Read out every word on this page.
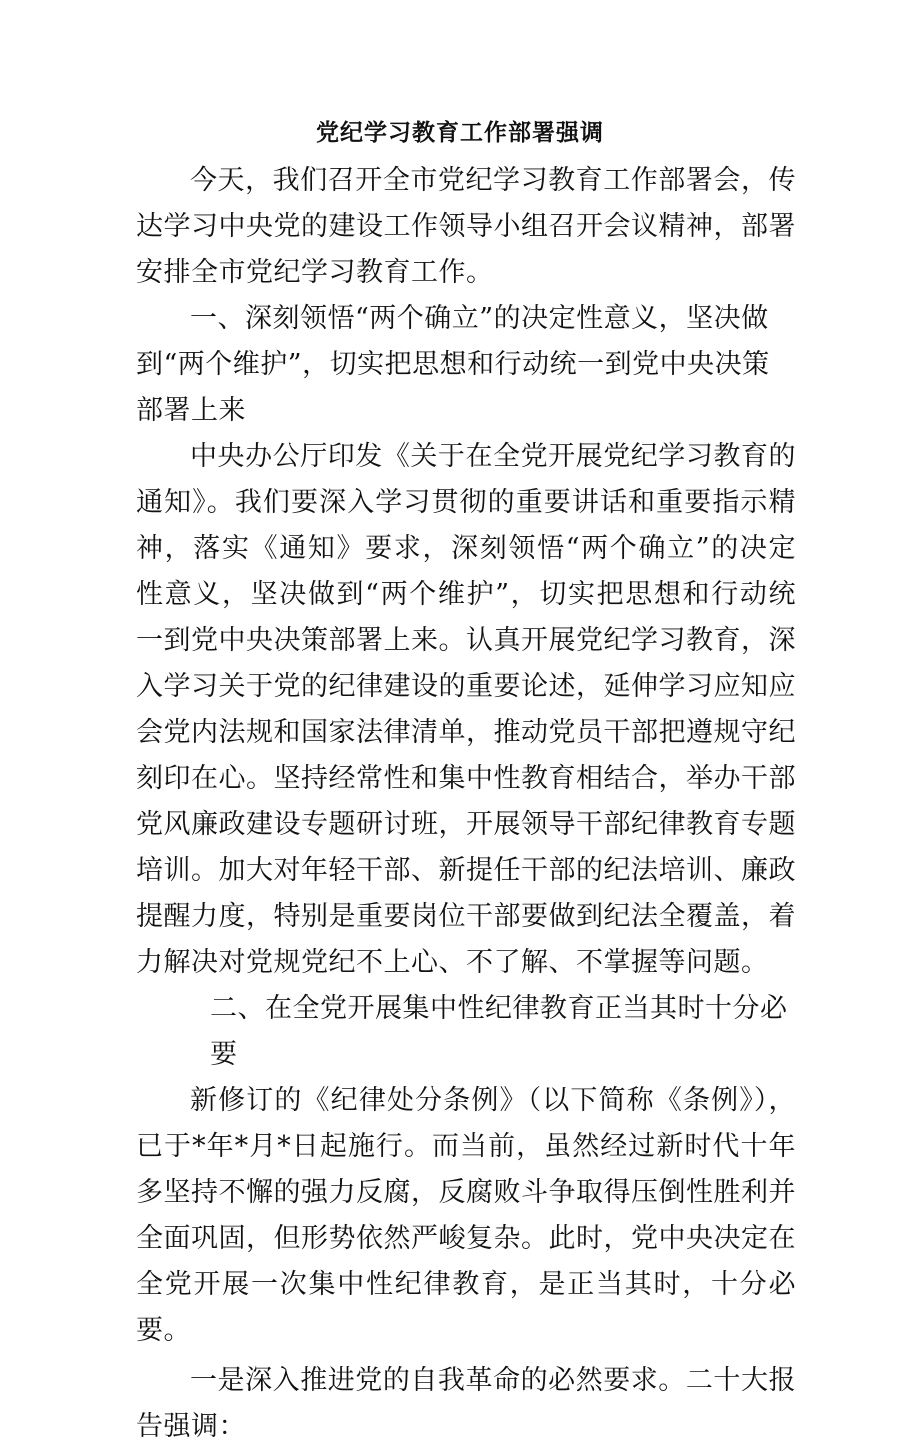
党纪学习教育工作部署强调

今天，我们召开全市党纪学习教育工作部署会，传达学习中央党的建设工作领导小组召开会议精神，部署安排全市党纪学习教育工作。

一、深刻领悟“两个确立”的决定性意义，坚决做到“两个维护”，切实把思想和行动统一到党中央决策部署上来

中央办公厅印发《关于在全党开展党纪学习教育的通知》。我们要深入学习贯彻的重要讲话和重要指示精神，落实《通知》要求，深刻领悟“两个确立”的决定性意义，坚决做到“两个维护”，切实把思想和行动统一到党中央决策部署上来。认真开展党纪学习教育，深入学习关于党的纪律建设的重要论述，延伸学习应知应会党内法规和国家法律清单，推动党员干部把遵规守纪刻印在心。坚持经常性和集中性教育相结合，举办干部党风廉政建设专题研讨班，开展领导干部纪律教育专题培训。加大对年轻干部、新提任干部的纪法培训、廉政提醒力度，特别是重要岗位干部要做到纪法全覆盖，着力解决对党规党纪不上心、不了解、不掌握等问题。

二、在全党开展集中性纪律教育正当其时十分必要

新修订的《纪律处分条例》（以下简称《条例》），已于*年*月*日起施行。而当前，虽然经过新时代十年多坚持不懈的强力反腐，反腐败斗争取得压倒性胜利并全面巩固，但形势依然严峻复杂。此时，党中央决定在全党开展一次集中性纪律教育，是正当其时，十分必要。

一是深入推进党的自我革命的必然要求。二十大报告强调：
